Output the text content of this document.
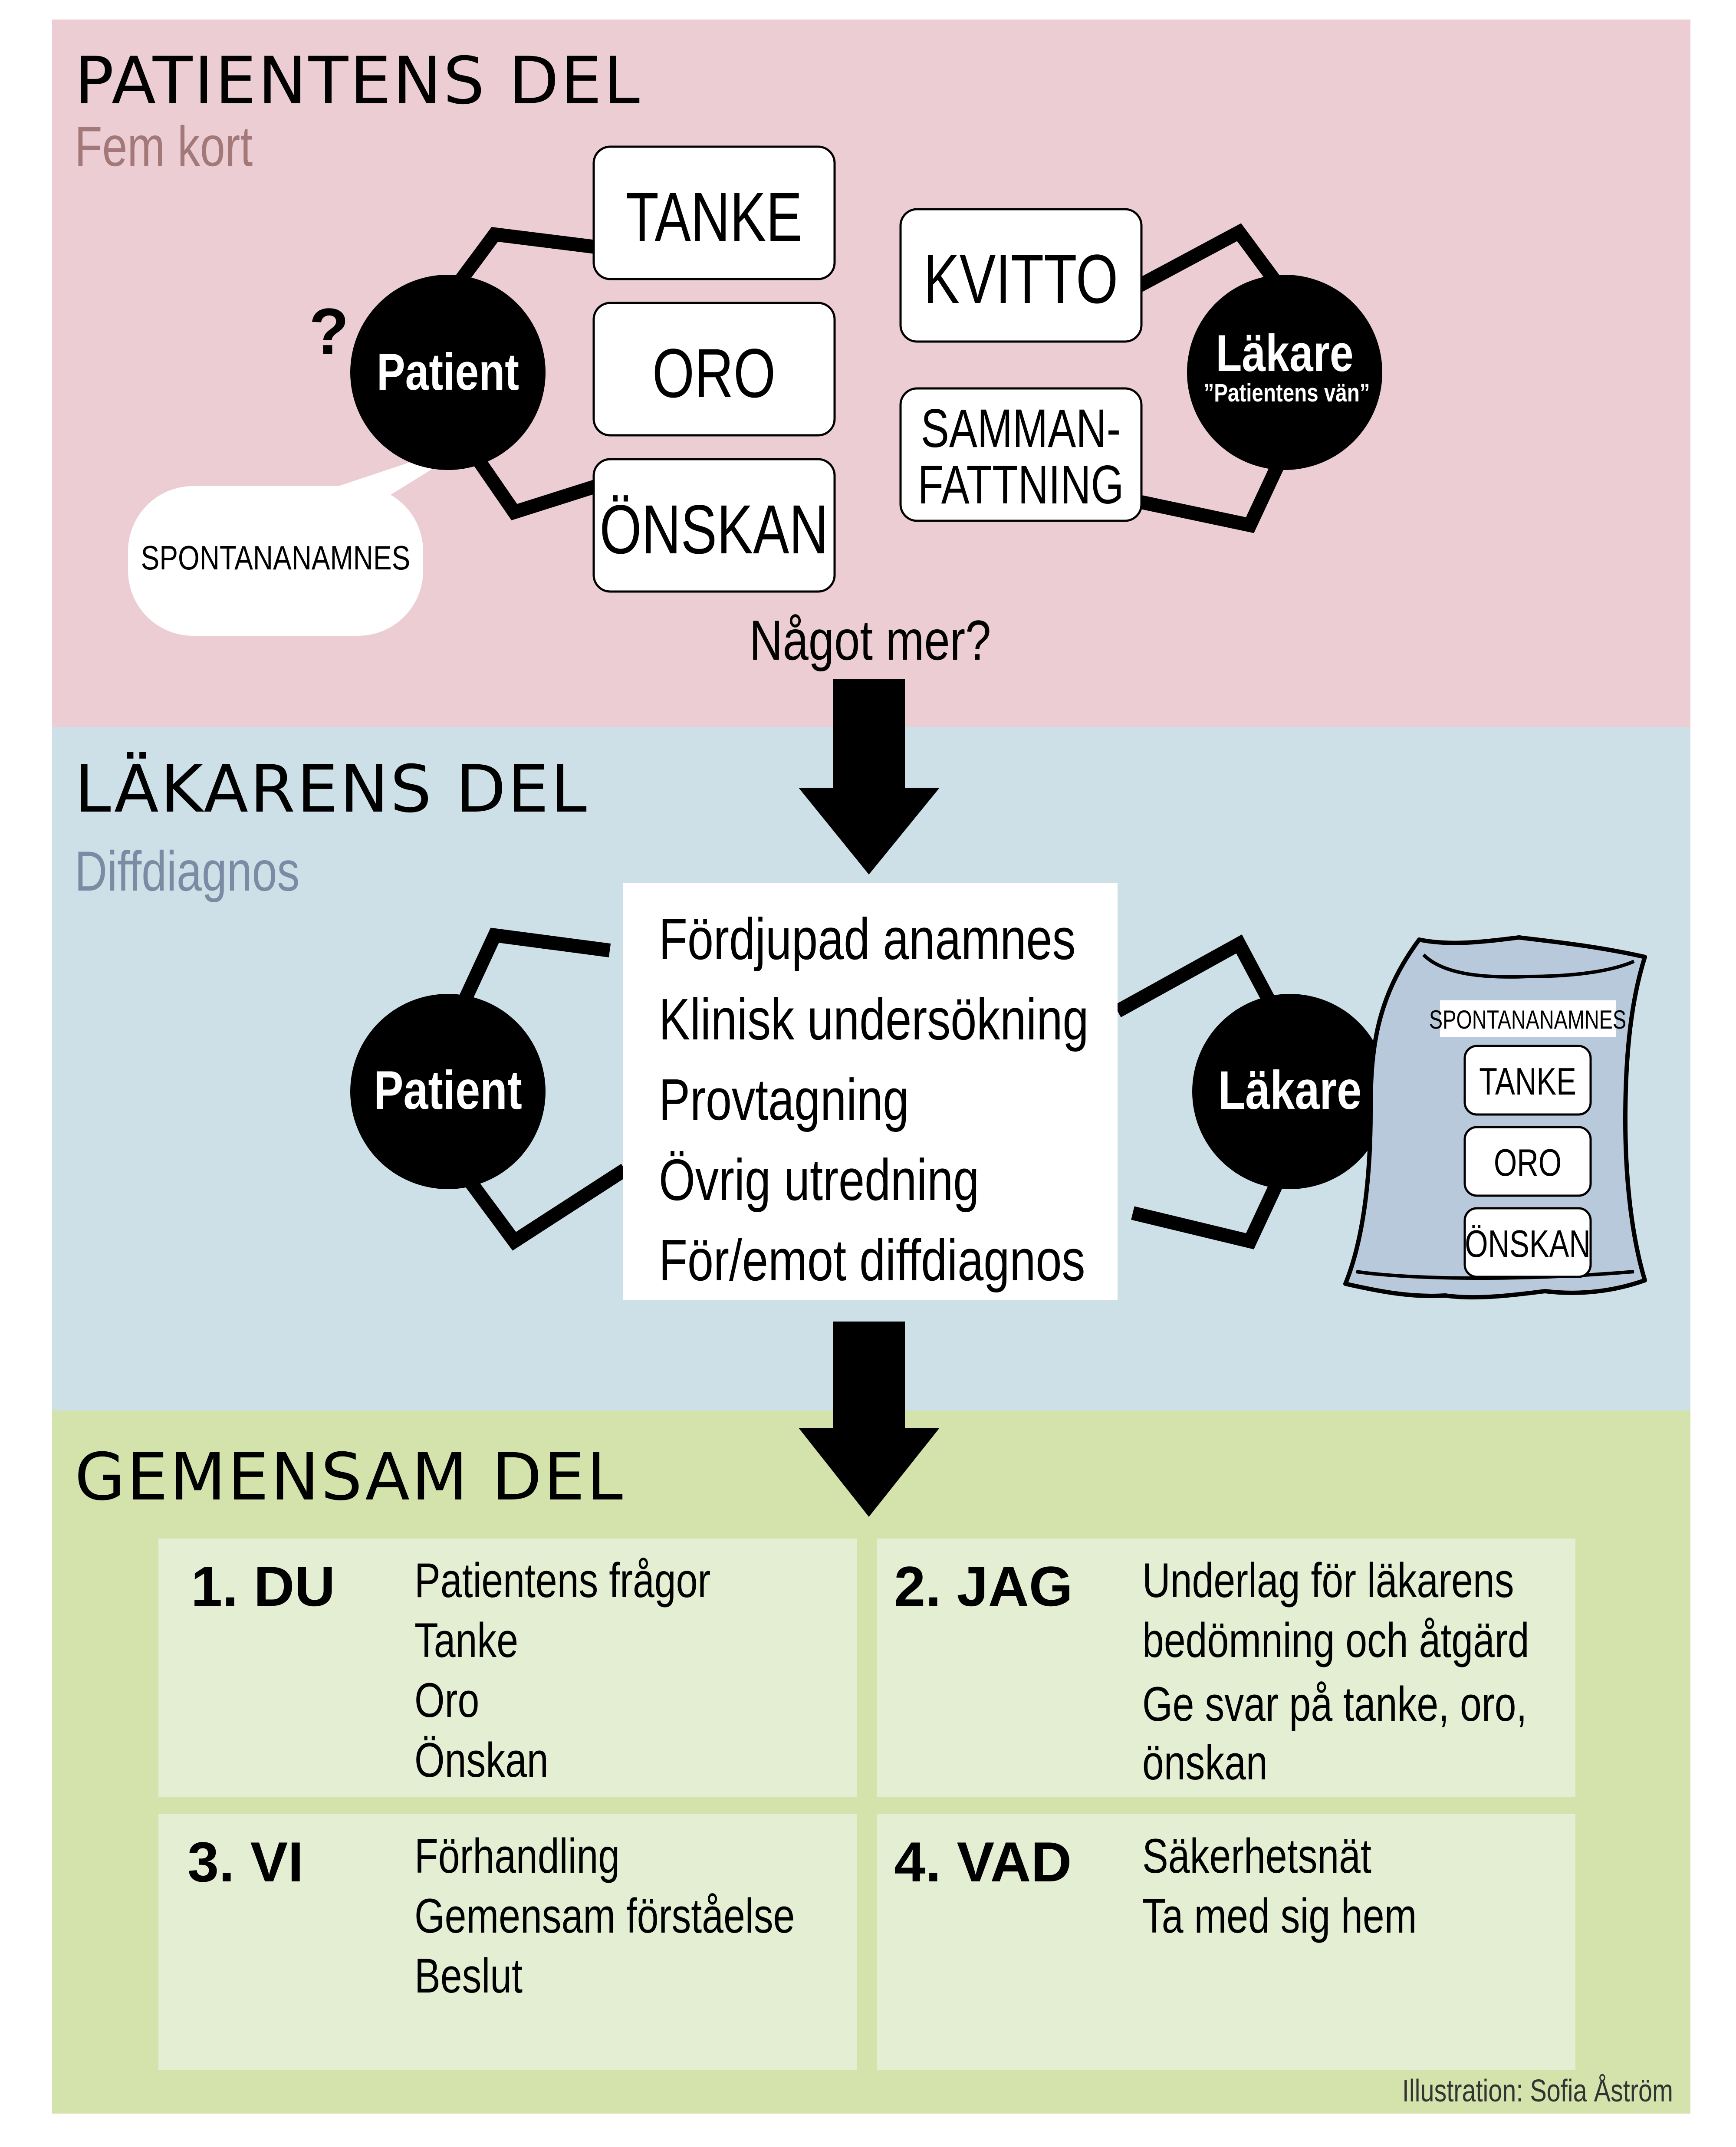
PATIENTENS DEL
Fem kort
SPONTANANAMNES
?
Patient	Läkare
”Patientens vän”
TANKE
ORO
ÖNSKAN
KVITTO
SAMMAN-
FATTNING
Något mer?
LÄKARENS DEL
Diffdiagnos
Fördjupad anamnes
Klinisk undersökning
Provtagning
Övrig utredning
För/emot diffdiagnos
Patient	Läkare
SPONTANANAMNES
TANKE
ORO
ÖNSKAN
GEMENSAM DEL
1. DU Patientens frågor
Tanke
Oro
Önskan
2. JAG Underlag för läkarens
bedömning och åtgärd
Ge svar på tanke, oro,
önskan
3. VI Förhandling
Gemensam förståelse
Beslut
4. VAD Säkerhetsnät
Ta med sig hem
Illustration: Sofia Åström
